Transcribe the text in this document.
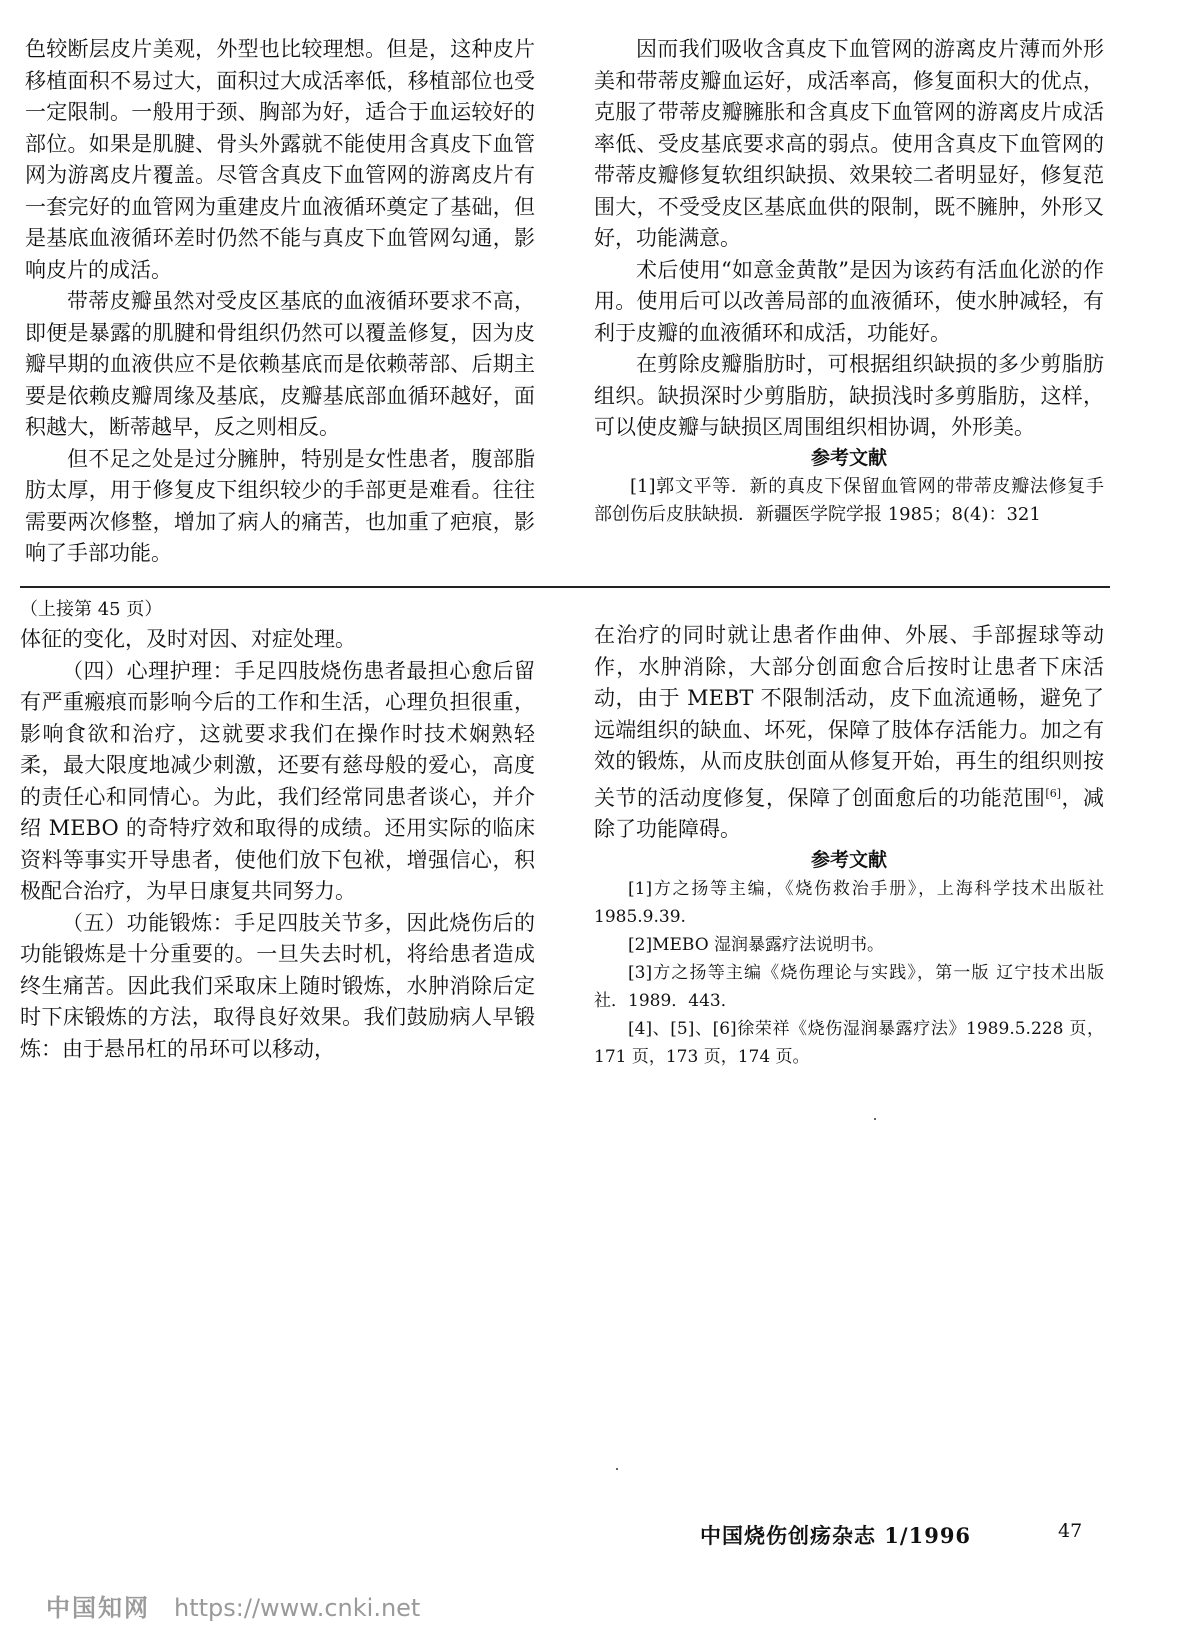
色较断层皮片美观，外型也比较理想。但是，这种皮片移植面积不易过大，面积过大成活率低，移植部位也受一定限制。一般用于颈、胸部为好，适合于血运较好的部位。如果是肌腱、骨头外露就不能使用含真皮下血管网为游离皮片覆盖。尽管含真皮下血管网的游离皮片有一套完好的血管网为重建皮片血液循环奠定了基础，但是基底血液循环差时仍然不能与真皮下血管网勾通，影响皮片的成活。

带蒂皮瓣虽然对受皮区基底的血液循环要求不高，即便是暴露的肌腱和骨组织仍然可以覆盖修复，因为皮瓣早期的血液供应不是依赖基底而是依赖蒂部、后期主要是依赖皮瓣周缘及基底，皮瓣基底部血循环越好，面积越大，断蒂越早，反之则相反。

但不足之处是过分臃肿，特别是女性患者，腹部脂肪太厚，用于修复皮下组织较少的手部更是难看。往往需要两次修整，增加了病人的痛苦，也加重了疤痕，影响了手部功能。

因而我们吸收含真皮下血管网的游离皮片薄而外形美和带蒂皮瓣血运好，成活率高，修复面积大的优点，克服了带蒂皮瓣臃胀和含真皮下血管网的游离皮片成活率低、受皮基底要求高的弱点。使用含真皮下血管网的带蒂皮瓣修复软组织缺损、效果较二者明显好，修复范围大，不受受皮区基底血供的限制，既不臃肿，外形又好，功能满意。

术后使用“如意金黄散”是因为该药有活血化淤的作用。使用后可以改善局部的血液循环，使水肿减轻，有利于皮瓣的血液循环和成活，功能好。

在剪除皮瓣脂肪时，可根据组织缺损的多少剪脂肪组织。缺损深时少剪脂肪，缺损浅时多剪脂肪，这样，可以使皮瓣与缺损区周围组织相协调，外形美。

参考文献

[1]郭文平等．新的真皮下保留血管网的带蒂皮瓣法修复手部创伤后皮肤缺损．新疆医学院学报 1985；8(4)：321

（上接第 45 页）

体征的变化，及时对因、对症处理。

（四）心理护理：手足四肢烧伤患者最担心愈后留有严重瘢痕而影响今后的工作和生活，心理负担很重，影响食欲和治疗，这就要求我们在操作时技术娴熟轻柔，最大限度地减少刺激，还要有慈母般的爱心，高度的责任心和同情心。为此，我们经常同患者谈心，并介绍 MEBO 的奇特疗效和取得的成绩。还用实际的临床资料等事实开导患者，使他们放下包袱，增强信心，积极配合治疗，为早日康复共同努力。

（五）功能锻炼：手足四肢关节多，因此烧伤后的功能锻炼是十分重要的。一旦失去时机，将给患者造成终生痛苦。因此我们采取床上随时锻炼，水肿消除后定时下床锻炼的方法，取得良好效果。我们鼓励病人早锻炼：由于悬吊杠的吊环可以移动，

在治疗的同时就让患者作曲伸、外展、手部握球等动作，水肿消除，大部分创面愈合后按时让患者下床活动，由于 MEBT 不限制活动，皮下血流通畅，避免了远端组织的缺血、坏死，保障了肢体存活能力。加之有效的锻炼，从而皮肤创面从修复开始，再生的组织则按关节的活动度修复，保障了创面愈后的功能范围[6]，减除了功能障碍。

参考文献

[1]方之扬等主编，《烧伤救治手册》，上海科学技术出版社 1985.9.39.

[2]MEBO 湿润暴露疗法说明书。

[3]方之扬等主编《烧伤理论与实践》，第一版 辽宁技术出版社．1989．443．

[4]、[5]、[6]徐荣祥《烧伤湿润暴露疗法》1989.5.228 页，171 页，173 页，174 页。

中国烧伤创疡杂志 1/1996	47
中国知网 https://www.cnki.net
